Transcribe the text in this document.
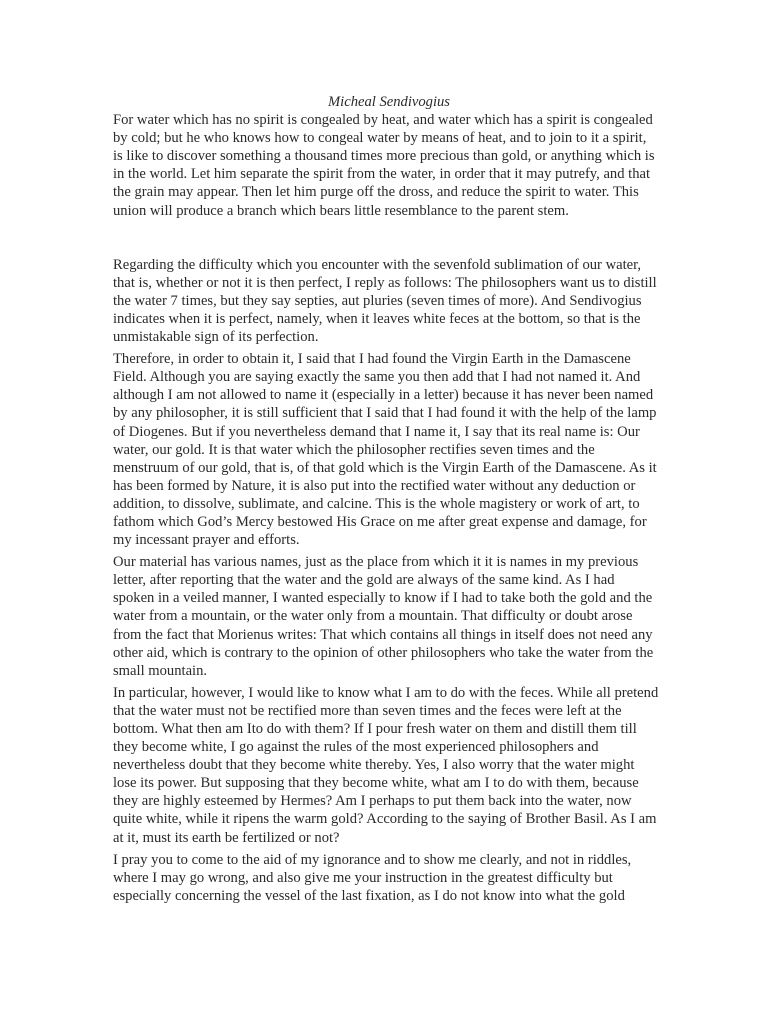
Micheal Sendivogius

For water which has no spirit is congealed by heat, and water which has a spirit is congealed by cold; but he who knows how to congeal water by means of heat, and to join to it a spirit, is like to discover something a thousand times more precious than gold, or anything which is in the world. Let him separate the spirit from the water, in order that it may putrefy, and that the grain may appear. Then let him purge off the dross, and reduce the spirit to water. This union will produce a branch which bears little resemblance to the parent stem.

Regarding the difficulty which you encounter with the sevenfold sublimation of our water, that is, whether or not it is then perfect, I reply as follows: The philosophers want us to distill the water 7 times, but they say septies, aut pluries (seven times of more). And Sendivogius indicates when it is perfect, namely, when it leaves white feces at the bottom, so that is the unmistakable sign of its perfection.

Therefore, in order to obtain it, I said that I had found the Virgin Earth in the Damascene Field. Although you are saying exactly the same you then add that I had not named it. And although I am not allowed to name it (especially in a letter) because it has never been named by any philosopher, it is still sufficient that I said that I had found it with the help of the lamp of Diogenes. But if you nevertheless demand that I name it, I say that its real name is: Our water, our gold. It is that water which the philosopher rectifies seven times and the menstruum of our gold, that is, of that gold which is the Virgin Earth of the Damascene. As it has been formed by Nature, it is also put into the rectified water without any deduction or addition, to dissolve, sublimate, and calcine. This is the whole magistery or work of art, to fathom which God’s Mercy bestowed His Grace on me after great expense and damage, for my incessant prayer and efforts.

Our material has various names, just as the place from which it it is names in my previous letter, after reporting that the water and the gold are always of the same kind. As I had spoken in a veiled manner, I wanted especially to know if I had to take both the gold and the water from a mountain, or the water only from a mountain. That difficulty or doubt arose from the fact that Morienus writes: That which contains all things in itself does not need any other aid, which is contrary to the opinion of other philosophers who take the water from the small mountain.

In particular, however, I would like to know what I am to do with the feces. While all pretend that the water must not be rectified more than seven times and the feces were left at the bottom. What then am Ito do with them? If I pour fresh water on them and distill them till they become white, I go against the rules of the most experienced philosophers and nevertheless doubt that they become white thereby. Yes, I also worry that the water might lose its power. But supposing that they become white, what am I to do with them, because they are highly esteemed by Hermes? Am I perhaps to put them back into the water, now quite white, while it ripens the warm gold? According to the saying of Brother Basil. As I am at it, must its earth be fertilized or not?

I pray you to come to the aid of my ignorance and to show me clearly, and not in riddles, where I may go wrong, and also give me your instruction in the greatest difficulty but especially concerning the vessel of the last fixation, as I do not know into what the gold
